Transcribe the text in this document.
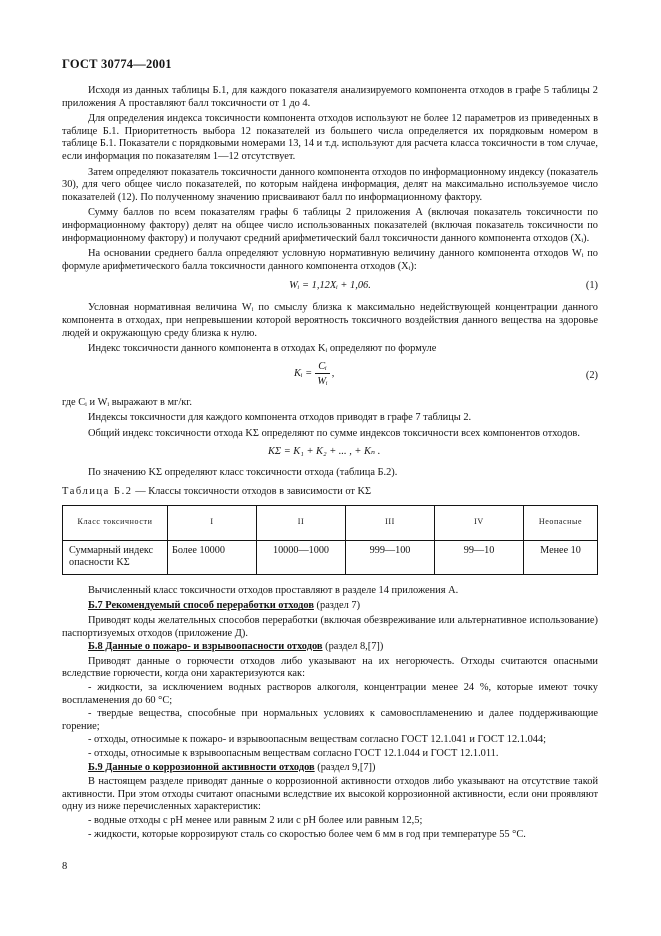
ГОСТ 30774—2001

Исходя из данных таблицы Б.1, для каждого показателя анализируемого компонента отходов в графе 5 таблицы 2 приложения А проставляют балл токсичности от 1 до 4.

Для определения индекса токсичности компонента отходов используют не более 12 параметров из приведенных в таблице Б.1. Приоритетность выбора 12 показателей из большего числа определяется их порядковым номером в таблице Б.1. Показатели с порядковыми номерами 13, 14 и т.д. используют для расчета класса токсичности в том случае, если информация по показателям 1—12 отсутствует.

Затем определяют показатель токсичности данного компонента отходов по информационному индексу (показатель 30), для чего общее число показателей, по которым найдена информация, делят на максимально используемое число показателей (12). По полученному значению присваивают балл по информационному фактору.

Сумму баллов по всем показателям графы 6 таблицы 2 приложения А (включая показатель токсичности по информационному фактору) делят на общее число использованных показателей (включая показатель токсичности по информационному фактору) и получают средний арифметический балл токсичности данного компонента отходов (Xᵢ).

На основании среднего балла определяют условную нормативную величину данного компонента отходов Wᵢ по формуле арифметического балла токсичности данного компонента отходов (Xᵢ):

Wᵢ = 1,12Xᵢ + 1,06.	(1)

Условная нормативная величина Wᵢ по смыслу близка к максимально недействующей концентрации данного компонента в отходах, при непревышении которой вероятность токсичного воздействия данного вещества на здоровье людей и окружающую среду близка к нулю.

Индекс токсичности данного компонента в отходах Kᵢ определяют по формуле

Kᵢ = $\frac{\text{Cᵢ}}{\text{Wᵢ}}$ ,	(2)

где Cᵢ и Wᵢ выражают в мг/кг.

Индексы токсичности для каждого компонента отходов приводят в графе 7 таблицы 2.

Общий индекс токсичности отхода KΣ определяют по сумме индексов токсичности всех компонентов отходов.

KΣ = K₁ + K₂ + ... , + Kₙ .

По значению KΣ определяют класс токсичности отхода (таблица Б.2).

Таблица Б.2 — Классы токсичности отходов в зависимости от KΣ
Класс токсичности	I	II	III	IV	Неопасные
Суммарный индекс опасности KΣ	Более 10000	10000—1000	999—100	99—10	Менее 10

Вычисленный класс токсичности отходов проставляют в разделе 14 приложения А.

Б.7 Рекомендуемый способ переработки отходов (раздел 7)

Приводят коды желательных способов переработки (включая обезвреживание или альтернативное использование) паспортизуемых отходов (приложение Д).

Б.8 Данные о пожаро- и взрывоопасности отходов (раздел 8,[7])

Приводят данные о горючести отходов либо указывают на их негорючесть. Отходы считаются опасными вследствие горючести, когда они характеризуются как:

- жидкости, за исключением водных растворов алкоголя, концентрации менее 24 %, которые имеют точку воспламенения до 60 °С;

- твердые вещества, способные при нормальных условиях к самовоспламенению и далее поддерживающие горение;

- отходы, относимые к пожаро- и взрывоопасным веществам согласно ГОСТ 12.1.041 и ГОСТ 12.1.044;

- отходы, относимые к взрывоопасным веществам согласно ГОСТ 12.1.044 и ГОСТ 12.1.011.

Б.9 Данные о коррозионной активности отходов (раздел 9,[7])

В настоящем разделе приводят данные о коррозионной активности отходов либо указывают на отсутствие такой активности. При этом отходы считают опасными вследствие их высокой коррозионной активности, если они проявляют одну из ниже перечисленных характеристик:

- водные отходы с pH менее или равным 2 или с pH более или равным 12,5;

- жидкости, которые коррозируют сталь со скоростью более чем 6 мм в год при температуре 55 °С.

8
